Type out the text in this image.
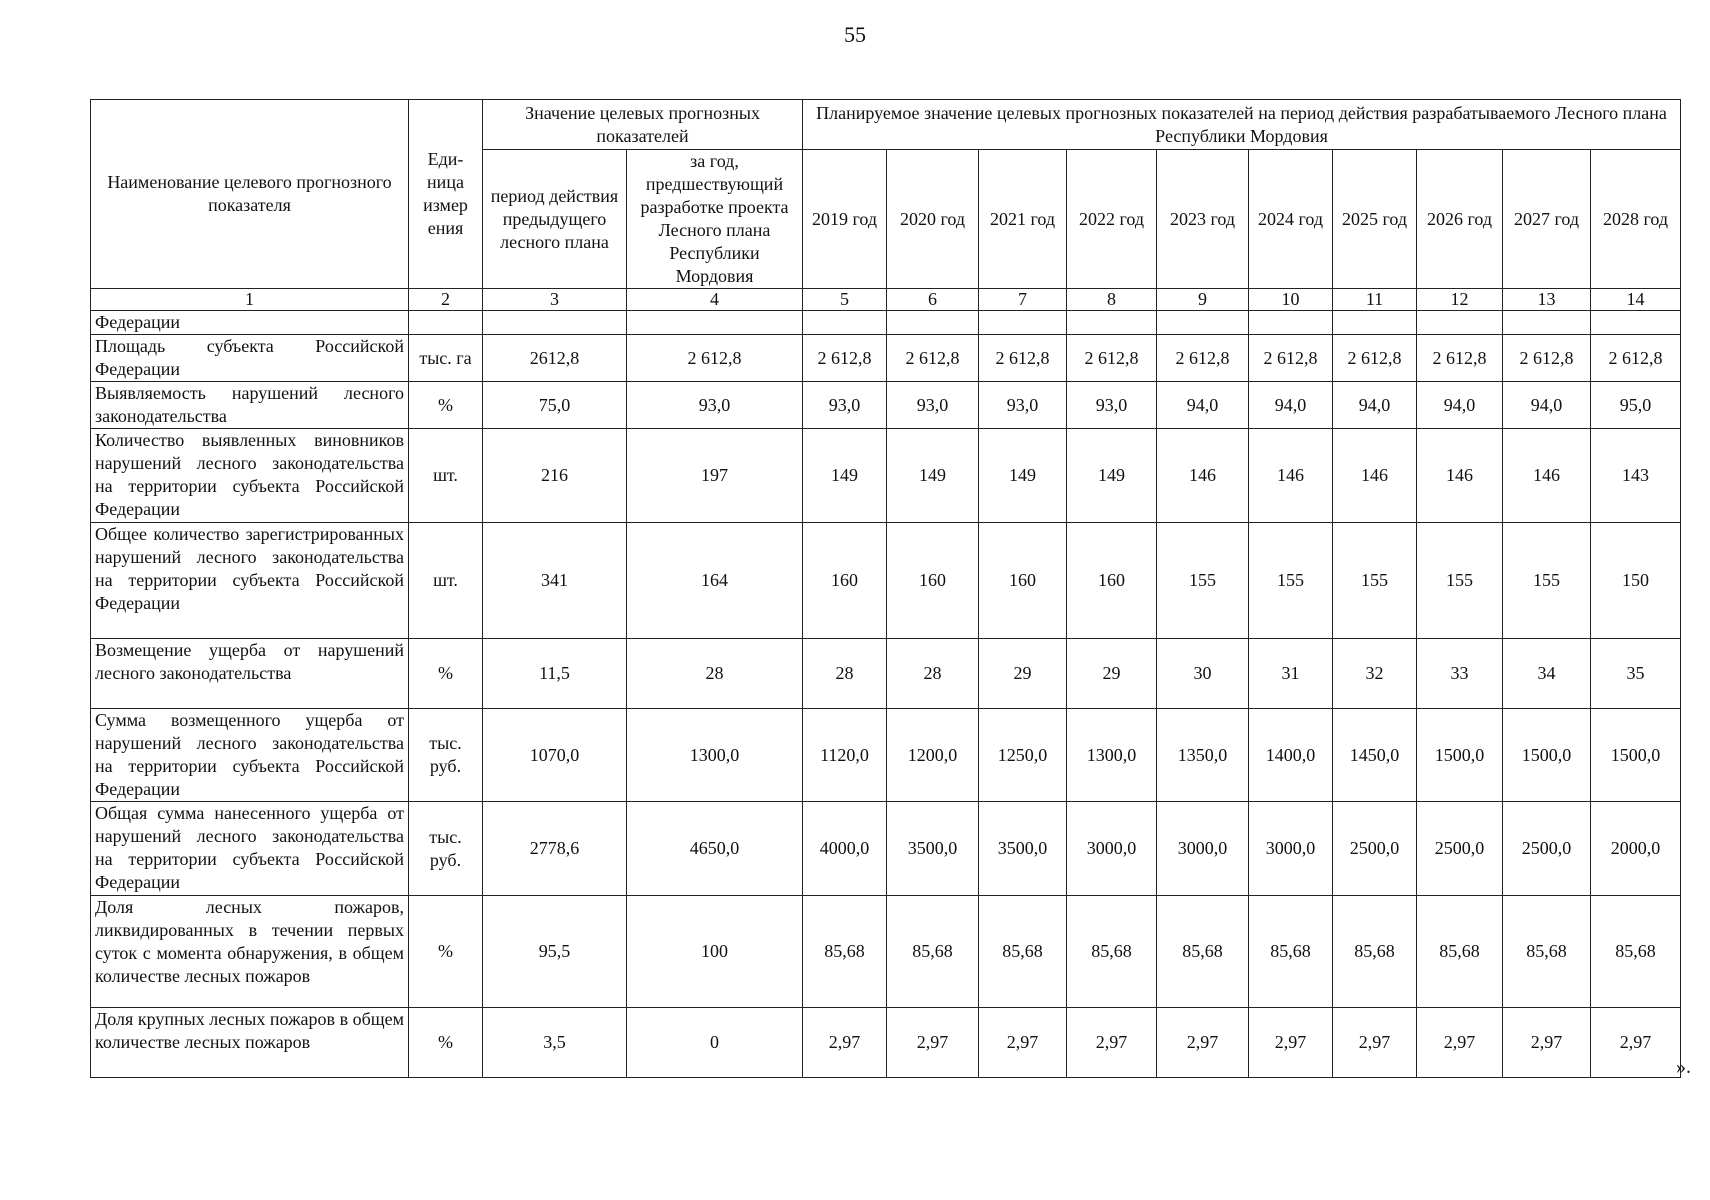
55
Наименование целевого прогнозного показателя	Еди-ница измер ения	Значение целевых прогнозных показателей		Планируемое значение целевых прогнозных показателей на период действия разрабатываемого Лесного плана Республики Мордовия									
		период действия предыдущего лесного плана	за год, предшествующий разработке проекта Лесного плана Республики Мордовия	2019 год	2020 год	2021 год	2022 год	2023 год	2024 год	2025 год	2026 год	2027 год	2028 год
1	2	3	4	5	6	7	8	9	10	11	12	13	14
Федерации													
Площадь субъекта Российской Федерации	тыс. га	2612,8	2 612,8	2 612,8	2 612,8	2 612,8	2 612,8	2 612,8	2 612,8	2 612,8	2 612,8	2 612,8	2 612,8
Выявляемость нарушений лесного законодательства	%	75,0	93,0	93,0	93,0	93,0	93,0	94,0	94,0	94,0	94,0	94,0	95,0
Количество выявленных виновников нарушений лесного законодательства на территории субъекта Российской Федерации	шт.	216	197	149	149	149	149	146	146	146	146	146	143
Общее количество зарегистрированных нарушений лесного законодательства на территории субъекта Российской Федерации	шт.	341	164	160	160	160	160	155	155	155	155	155	150
Возмещение ущерба от нарушений лесного законодательства	%	11,5	28	28	28	29	29	30	31	32	33	34	35
Сумма возмещенного ущерба от нарушений лесного законодательства на территории субъекта Российской Федерации	тыс. руб.	1070,0	1300,0	1120,0	1200,0	1250,0	1300,0	1350,0	1400,0	1450,0	1500,0	1500,0	1500,0
Общая сумма нанесенного ущерба от нарушений лесного законодательства на территории субъекта Российской Федерации	тыс. руб.	2778,6	4650,0	4000,0	3500,0	3500,0	3000,0	3000,0	3000,0	2500,0	2500,0	2500,0	2000,0
Доля лесных пожаров, ликвидированных в течении первых суток с момента обнаружения, в общем количестве лесных пожаров	%	95,5	100	85,68	85,68	85,68	85,68	85,68	85,68	85,68	85,68	85,68	85,68
Доля крупных лесных пожаров в общем количестве лесных пожаров	%	3,5	0	2,97	2,97	2,97	2,97	2,97	2,97	2,97	2,97	2,97	2,97
».
